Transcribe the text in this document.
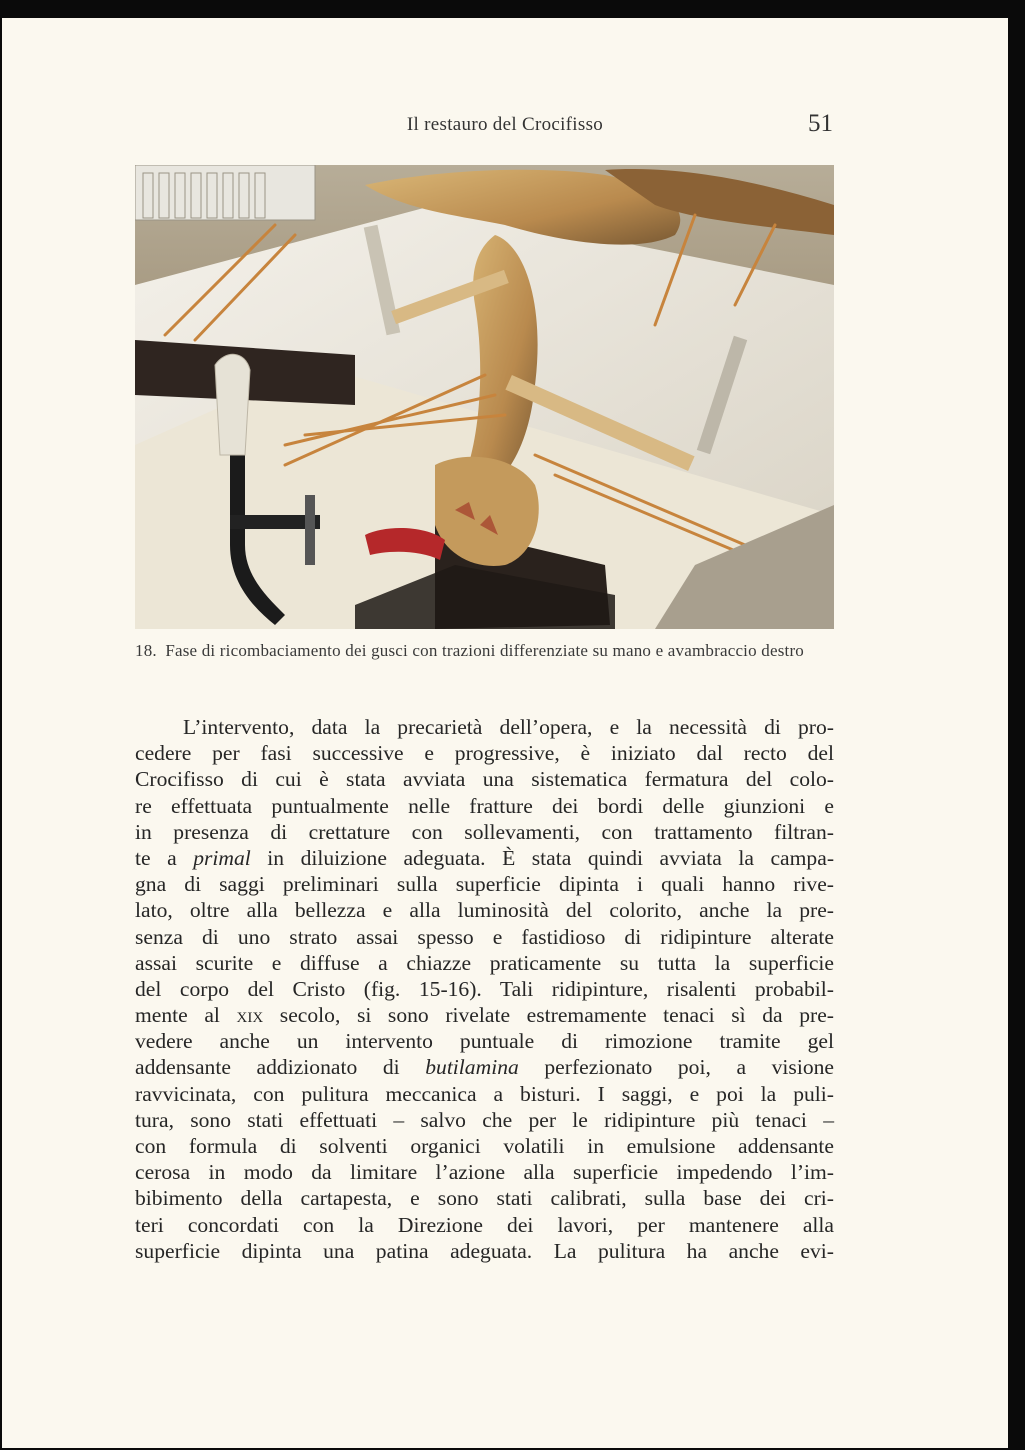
Il restauro del Crocifisso	51
18. Fase di ricombaciamento dei gusci con trazioni differenziate su mano e avambraccio destro
L’intervento, data la precarietà dell’opera, e la necessità di pro-
cedere per fasi successive e progressive, è iniziato dal recto del
Crocifisso di cui è stata avviata una sistematica fermatura del colo-
re effettuata puntualmente nelle fratture dei bordi delle giunzioni e
in presenza di crettature con sollevamenti, con trattamento filtran-
te a primal in diluizione adeguata. È stata quindi avviata la campa-
gna di saggi preliminari sulla superficie dipinta i quali hanno rive-
lato, oltre alla bellezza e alla luminosità del colorito, anche la pre-
senza di uno strato assai spesso e fastidioso di ridipinture alterate
assai scurite e diffuse a chiazze praticamente su tutta la superficie
del corpo del Cristo (fig. 15-16). Tali ridipinture, risalenti probabil-
mente al xix secolo, si sono rivelate estremamente tenaci sì da pre-
vedere anche un intervento puntuale di rimozione tramite gel
addensante addizionato di butilamina perfezionato poi, a visione
ravvicinata, con pulitura meccanica a bisturi. I saggi, e poi la puli-
tura, sono stati effettuati – salvo che per le ridipinture più tenaci –
con formula di solventi organici volatili in emulsione addensante
cerosa in modo da limitare l’azione alla superficie impedendo l’im-
bibimento della cartapesta, e sono stati calibrati, sulla base dei cri-
teri concordati con la Direzione dei lavori, per mantenere alla
superficie dipinta una patina adeguata. La pulitura ha anche evi-
